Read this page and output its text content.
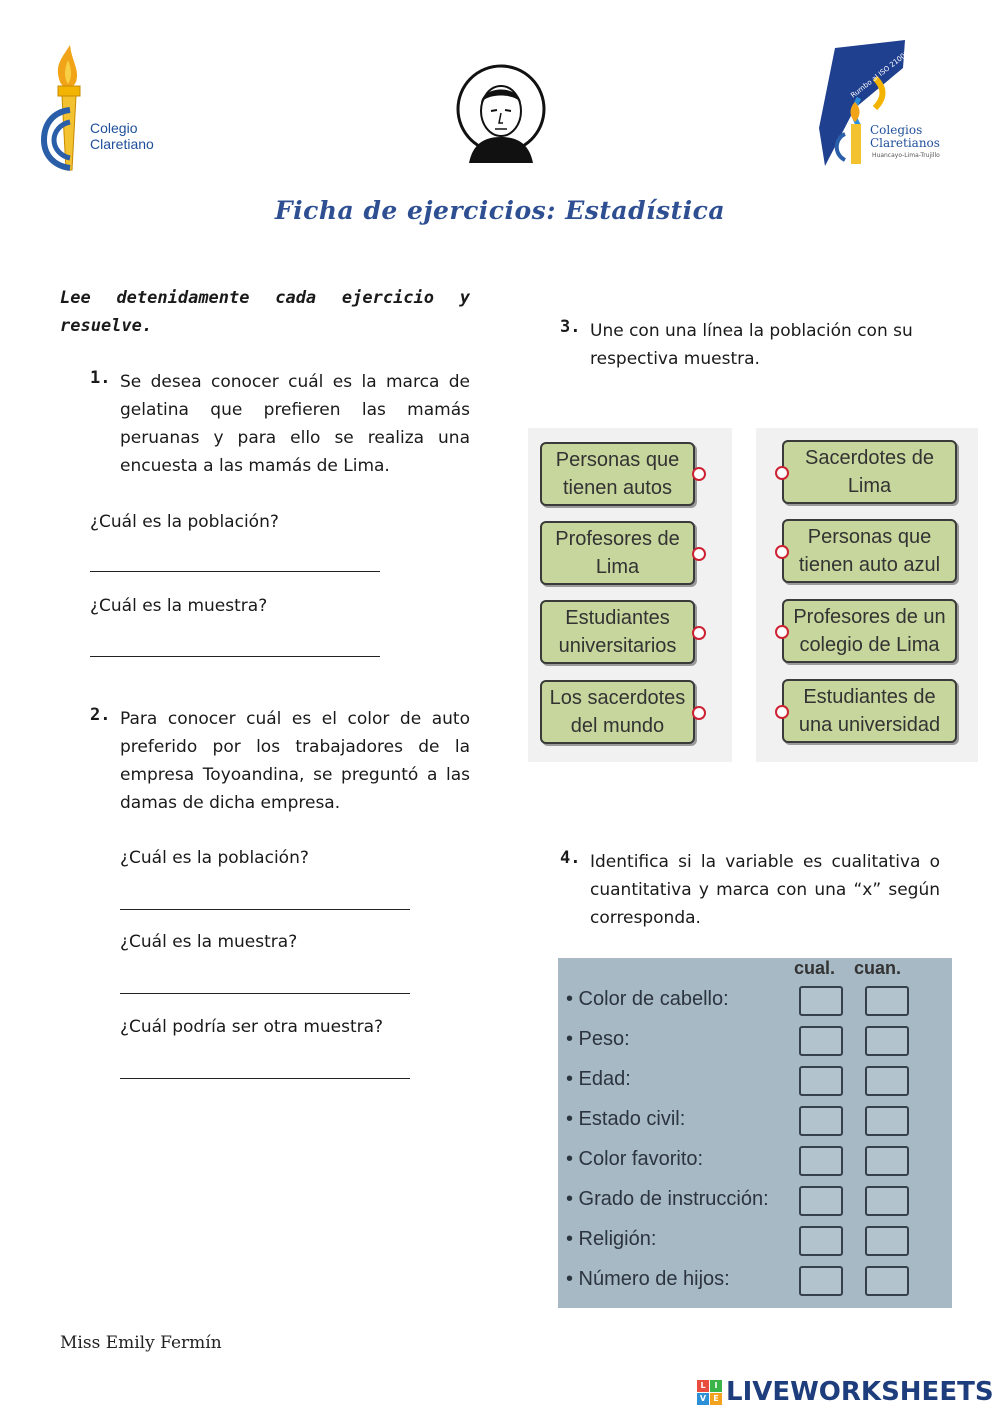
Colegio
Claretiano
Rumbo al ISO 21001
Colegios
Claretianos
Huancayo-Lima-Trujillo
Ficha de ejercicios: Estadística
Lee detenidamente cada ejercicio y resuelve.
1. Se desea conocer cuál es la marca de gelatina que prefieren las mamás peruanas y para ello se realiza una encuesta a las mamás de Lima.
¿Cuál es la población?
¿Cuál es la muestra?
2. Para conocer cuál es el color de auto preferido por los trabajadores de la empresa Toyoandina, se preguntó a las damas de dicha empresa.
¿Cuál es la población?
¿Cuál es la muestra?
¿Cuál podría ser otra muestra?
3. Une con una línea la población con su respectiva muestra.
Personas que
tienen autos
Profesores de
Lima
Estudiantes
universitarios
Los sacerdotes
del mundo
Sacerdotes de
Lima
Personas que
tienen auto azul
Profesores de un
colegio de Lima
Estudiantes de
una universidad
4. Identifica si la variable es cualitativa o cuantitativa y marca con una “x” según corresponda.
cual. cuan.
• Color de cabello:
• Peso:
• Edad:
• Estado civil:
• Color favorito:
• Grado de instrucción:
• Religión:
• Número de hijos:
Miss Emily Fermín
L	I
V E LIVEWORKSHEETS
